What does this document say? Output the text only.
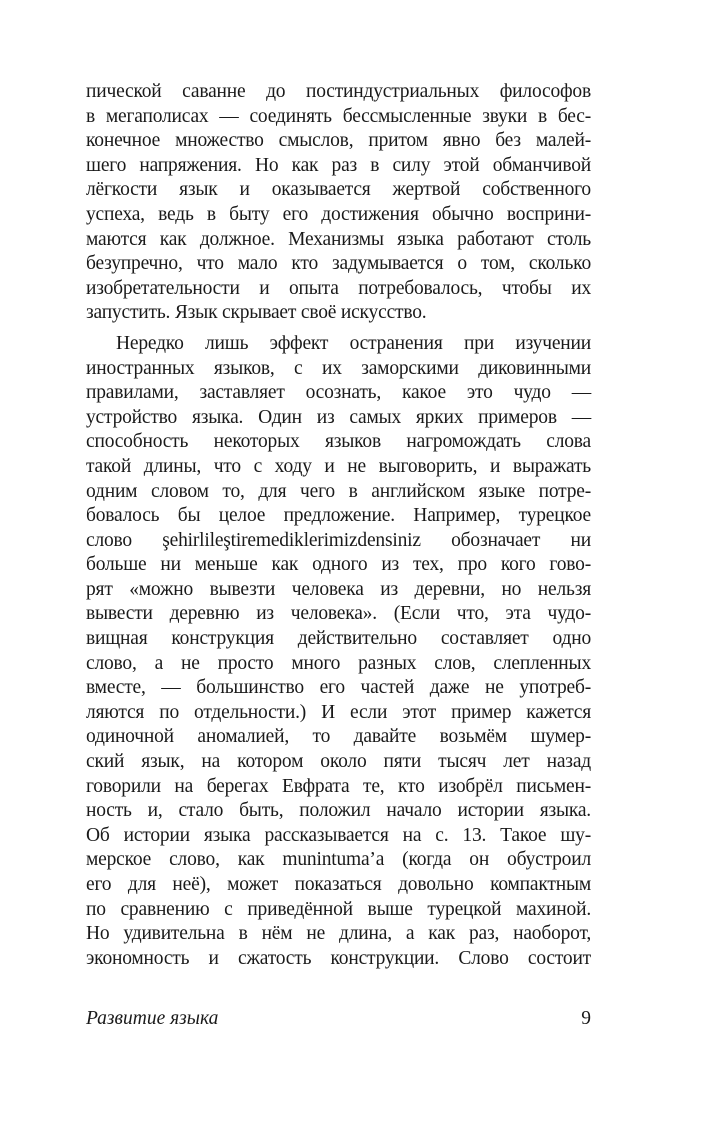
пической саванне до постиндустриальных философов
в мегаполисах — соединять бессмысленные звуки в бес-
конечное множество смыслов, притом явно без малей-
шего напряжения. Но как раз в силу этой обманчивой
лёгкости язык и оказывается жертвой собственного
успеха, ведь в быту его достижения обычно восприни-
маются как должное. Механизмы языка работают столь
безупречно, что мало кто задумывается о том, сколько
изобретательности и опыта потребовалось, чтобы их
запустить. Язык скрывает своё искусство.
Нередко лишь эффект остранения при изучении
иностранных языков, с их заморскими диковинными
правилами, заставляет осознать, какое это чудо —
устройство языка. Один из самых ярких примеров —
способность некоторых языков нагромождать слова
такой длины, что с ходу и не выговорить, и выражать
одним словом то, для чего в английском языке потре-
бовалось бы целое предложение. Например, турецкое
слово şehirlileştiremediklerimizdensiniz обозначает ни
больше ни меньше как одного из тех, про кого гово-
рят «можно вывезти человека из деревни, но нельзя
вывести деревню из человека». (Если что, эта чудо-
вищная конструкция действительно составляет одно
слово, а не просто много разных слов, слепленных
вместе, — большинство его частей даже не употреб-
ляются по отдельности.) И если этот пример кажется
одиночной аномалией, то давайте возьмём шумер-
ский язык, на котором около пяти тысяч лет назад
говорили на берегах Евфрата те, кто изобрёл письмен-
ность и, стало быть, положил начало истории языка.
Об истории языка рассказывается на с. 13. Такое шу-
мерское слово, как munintuma’a (когда он обустроил
его для неё), может показаться довольно компактным
по сравнению с приведённой выше турецкой махиной.
Но удивительна в нём не длина, а как раз, наоборот,
экономность и сжатость конструкции. Слово состоит
Развитие языка	9
